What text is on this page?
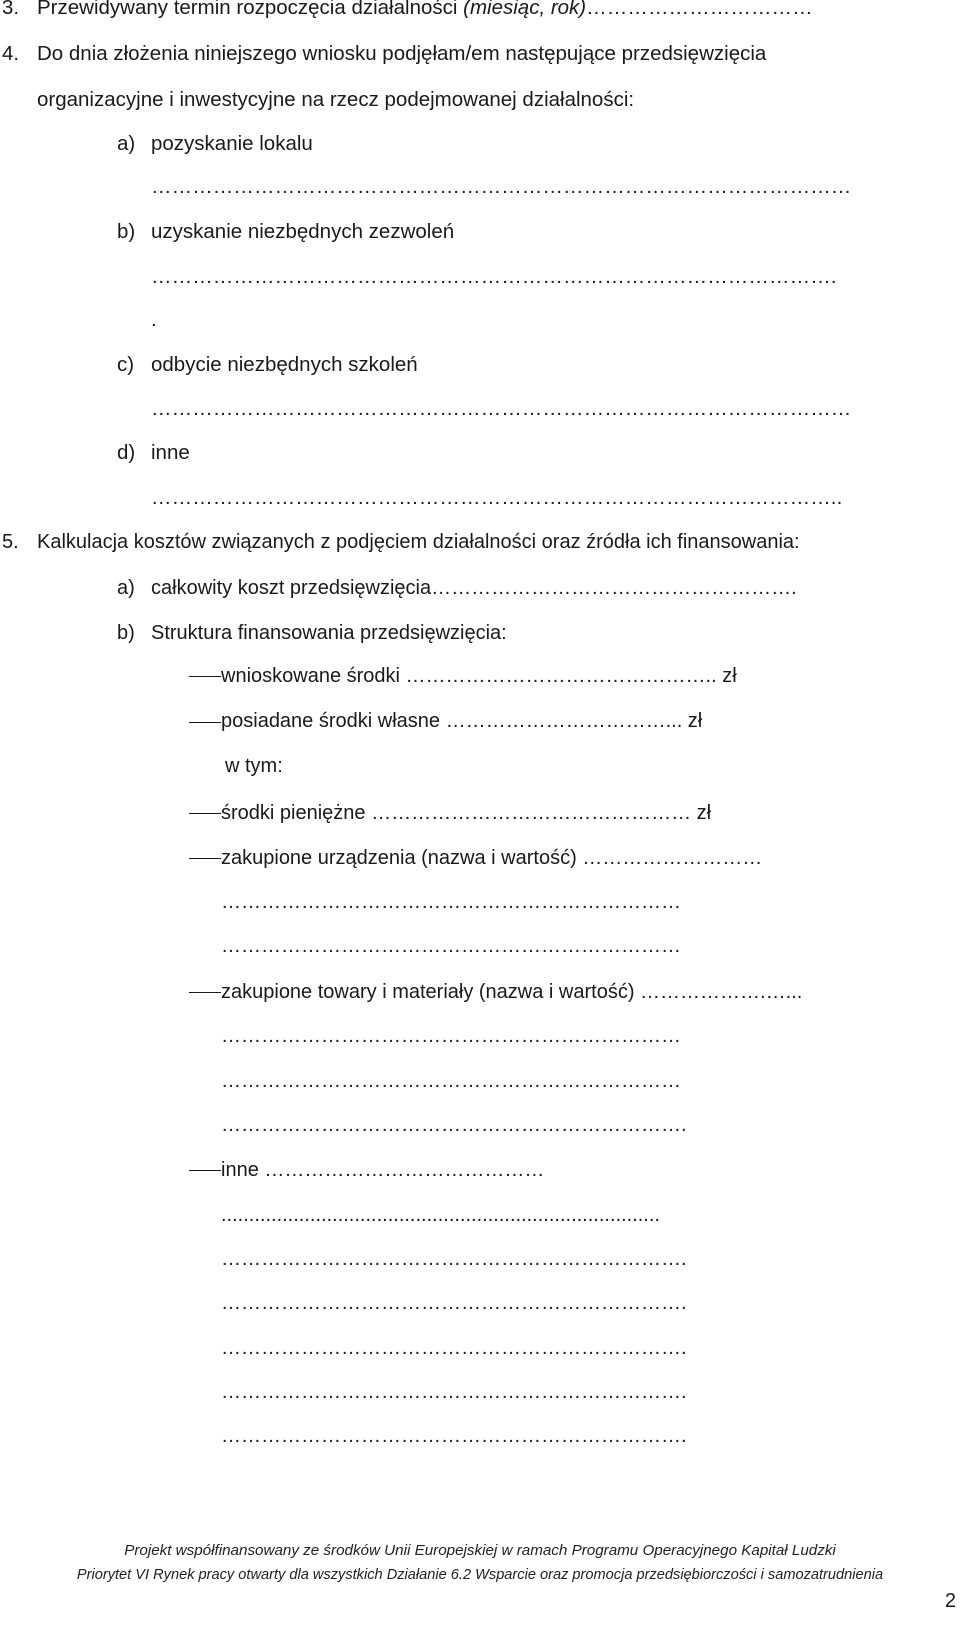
3. Przewidywany termin rozpoczęcia działalności (miesiąc, rok)……………………………
4. Do dnia złożenia niniejszego wniosku podjęłam/em następujące przedsięwzięcia
organizacyjne i inwestycyjne na rzecz podejmowanej działalności:
a) pozyskanie lokalu
…………………………………………………………………………………………
b) uzyskanie niezbędnych zezwoleń
……………………………………………………………………………………….
.
c) odbycie niezbędnych szkoleń
…………………………………………………………………………………………
d) inne
………………………………………………………………………………………..
5. Kalkulacja kosztów związanych z podjęciem działalności oraz źródła ich finansowania:
a) całkowity koszt przedsięwzięcia……………………………………………….
b) Struktura finansowania przedsięwzięcia:
wnioskowane środki ……………………………………….. zł
posiadane środki własne ……………………………... zł
w tym:
środki pieniężne ………………………………………… zł
zakupione urządzenia (nazwa i wartość) ………………………
……………………………………………………………
……………………………………………………………
zakupione towary i materiały (nazwa i wartość) ……………….…...
……………………………………………………………
……………………………………………………………
…………………………………………………………….
inne ……………………………………
...............................................................................
…………………………………………………………….
…………………………………………………………….
…………………………………………………………….
…………………………………………………………….
…………………………………………………………….
Projekt współfinansowany ze środków Unii Europejskiej w ramach Programu Operacyjnego Kapitał Ludzki
Priorytet VI Rynek pracy otwarty dla wszystkich Działanie 6.2 Wsparcie oraz promocja przedsiębiorczości i samozatrudnienia
2
